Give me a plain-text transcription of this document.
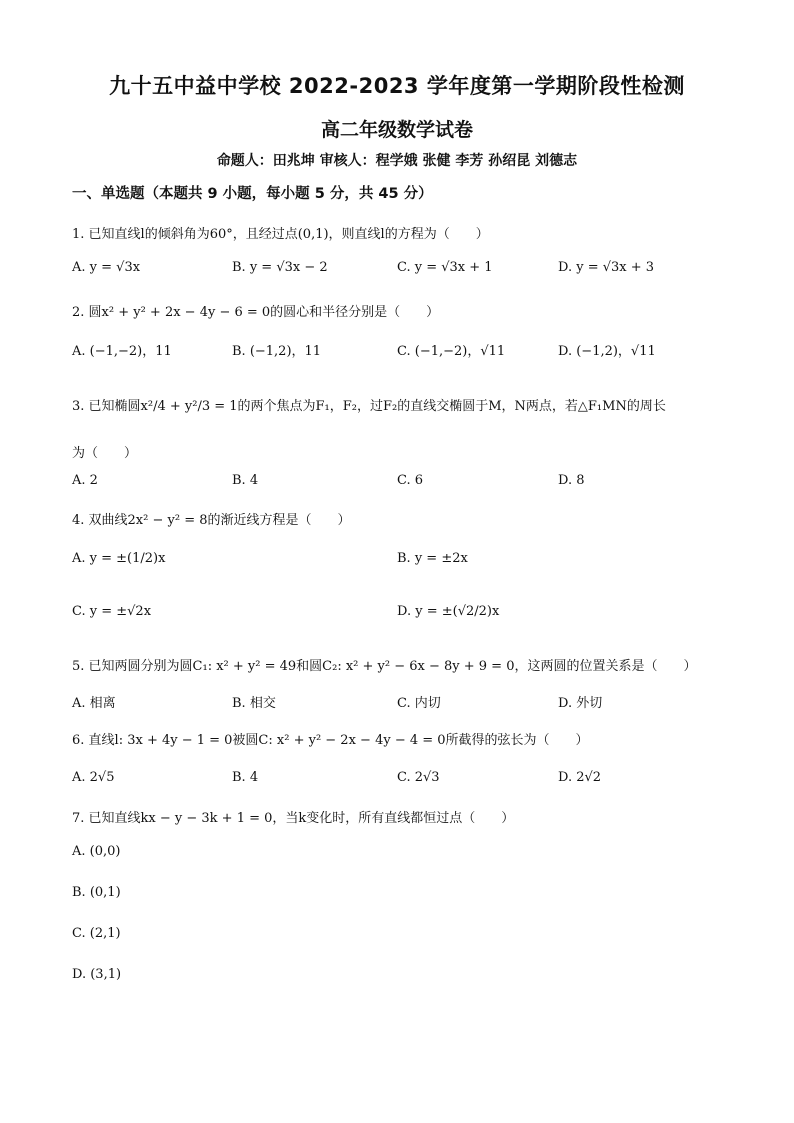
九十五中益中学校 2022-2023 学年度第一学期阶段性检测
高二年级数学试卷
命题人：田兆坤 审核人：程学娥 张健 李芳 孙绍昆 刘德志
一、单选题（本题共 9 小题，每小题 5 分，共 45 分）
1. 已知直线l的倾斜角为60°，且经过点(0,1)，则直线l的方程为（　　）
A. y = √3x	B. y = √3x − 2	C. y = √3x + 1	D. y = √3x + 3
2. 圆x² + y² + 2x − 4y − 6 = 0的圆心和半径分别是（　　）
A. (−1,−2)，11	B. (−1,2)，11	C. (−1,−2)，√11	D. (−1,2)，√11
3. 已知椭圆x²/4 + y²/3 = 1的两个焦点为F₁，F₂，过F₂的直线交椭圆于M，N两点，若△F₁MN的周长
为（　　）
A. 2	B. 4	C. 6	D. 8
4. 双曲线2x² − y² = 8的渐近线方程是（　　）
A. y = ±(1/2)x	B. y = ±2x
C. y = ±√2x	D. y = ±(√2/2)x
5. 已知两圆分别为圆C₁: x² + y² = 49和圆C₂: x² + y² − 6x − 8y + 9 = 0，这两圆的位置关系是（　　）
A. 相离	B. 相交	C. 内切	D. 外切
6. 直线l: 3x + 4y − 1 = 0被圆C: x² + y² − 2x − 4y − 4 = 0所截得的弦长为（　　）
A. 2√5	B. 4	C. 2√3	D. 2√2
7. 已知直线kx − y − 3k + 1 = 0，当k变化时，所有直线都恒过点（　　）
A. (0,0)
B. (0,1)
C. (2,1)
D. (3,1)
